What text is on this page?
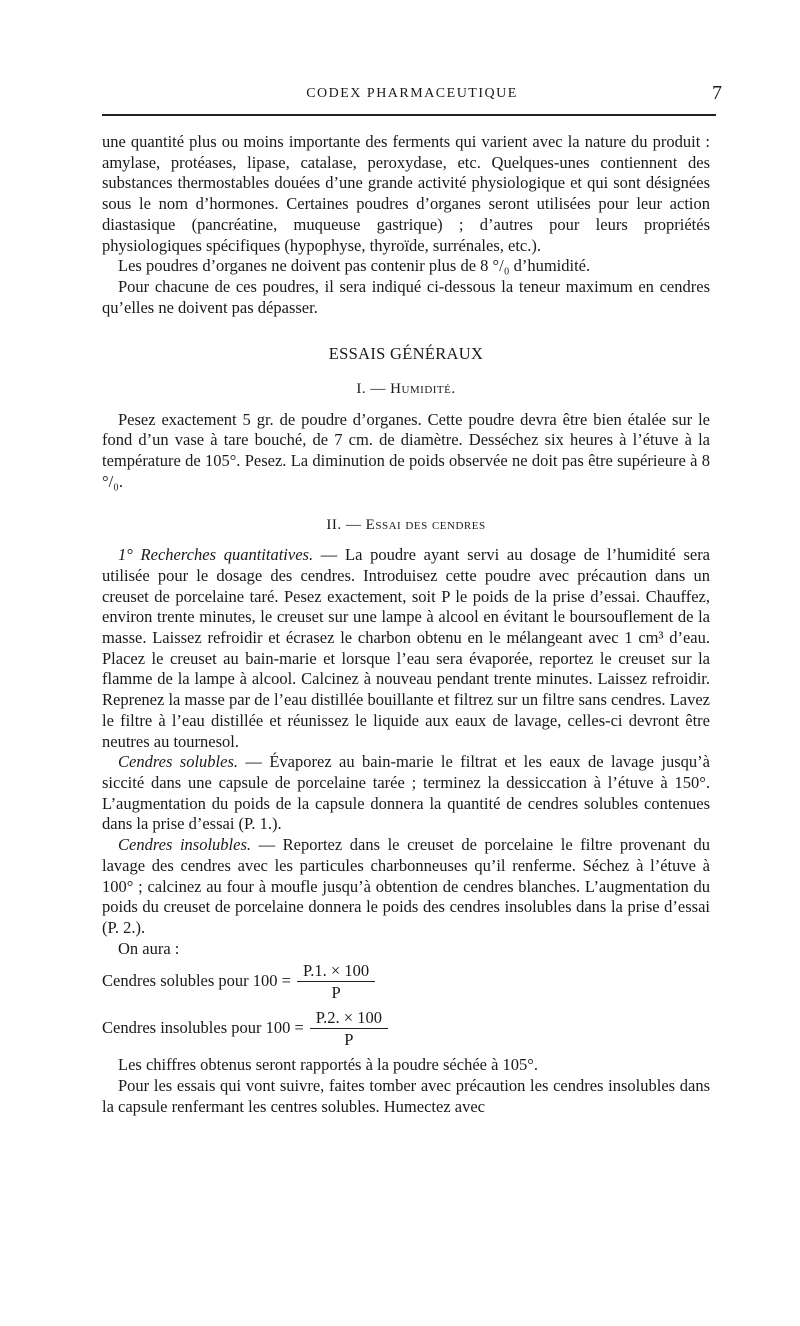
CODEX PHARMACEUTIQUE	7

une quantité plus ou moins importante des ferments qui varient avec la nature du produit : amylase, protéases, lipase, catalase, peroxydase, etc. Quelques-unes contiennent des substances thermostables douées d’une grande activité physiologique et qui sont désignées sous le nom d’hormones. Certaines poudres d’organes seront utilisées pour leur action diastasique (pancréatine, muqueuse gastrique) ; d’autres pour leurs propriétés physiologiques spécifiques (hypophyse, thyroïde, surrénales, etc.).

Les poudres d’organes ne doivent pas contenir plus de 8 °/₀ d’humidité.

Pour chacune de ces poudres, il sera indiqué ci-dessous la teneur maximum en cendres qu’elles ne doivent pas dépasser.

ESSAIS GÉNÉRAUX

I. — Humidité.

Pesez exactement 5 gr. de poudre d’organes. Cette poudre devra être bien étalée sur le fond d’un vase à tare bouché, de 7 cm. de diamètre. Desséchez six heures à l’étuve à la température de 105°. Pesez. La diminution de poids observée ne doit pas être supérieure à 8 °/₀.

II. — Essai des cendres

1° Recherches quantitatives. — La poudre ayant servi au dosage de l’humidité sera utilisée pour le dosage des cendres. Introduisez cette poudre avec précaution dans un creuset de porcelaine taré. Pesez exactement, soit P le poids de la prise d’essai. Chauffez, environ trente minutes, le creuset sur une lampe à alcool en évitant le boursouflement de la masse. Laissez refroidir et écrasez le charbon obtenu en le mélangeant avec 1 cm³ d’eau. Placez le creuset au bain-marie et lorsque l’eau sera évaporée, reportez le creuset sur la flamme de la lampe à alcool. Calcinez à nouveau pendant trente minutes. Laissez refroidir. Reprenez la masse par de l’eau distillée bouillante et filtrez sur un filtre sans cendres. Lavez le filtre à l’eau distillée et réunissez le liquide aux eaux de lavage, celles-ci devront être neutres au tournesol.

Cendres solubles. — Évaporez au bain-marie le filtrat et les eaux de lavage jusqu’à siccité dans une capsule de porcelaine tarée ; terminez la dessiccation à l’étuve à 150°. L’augmentation du poids de la capsule donnera la quantité de cendres solubles contenues dans la prise d’essai (P. 1.).

Cendres insolubles. — Reportez dans le creuset de porcelaine le filtre provenant du lavage des cendres avec les particules charbonneuses qu’il renferme. Séchez à l’étuve à 100° ; calcinez au four à moufle jusqu’à obtention de cendres blanches. L’augmentation du poids du creuset de porcelaine donnera le poids des cendres insolubles dans la prise d’essai (P. 2.).

On aura :

Cendres solubles pour $100 = \frac{P.1. \times 100}{P}$
Cendres insolubles pour $100 = \frac{P.2. \times 100}{P}$

Les chiffres obtenus seront rapportés à la poudre séchée à 105°.

Pour les essais qui vont suivre, faites tomber avec précaution les cendres insolubles dans la capsule renfermant les centres solubles. Humectez avec
